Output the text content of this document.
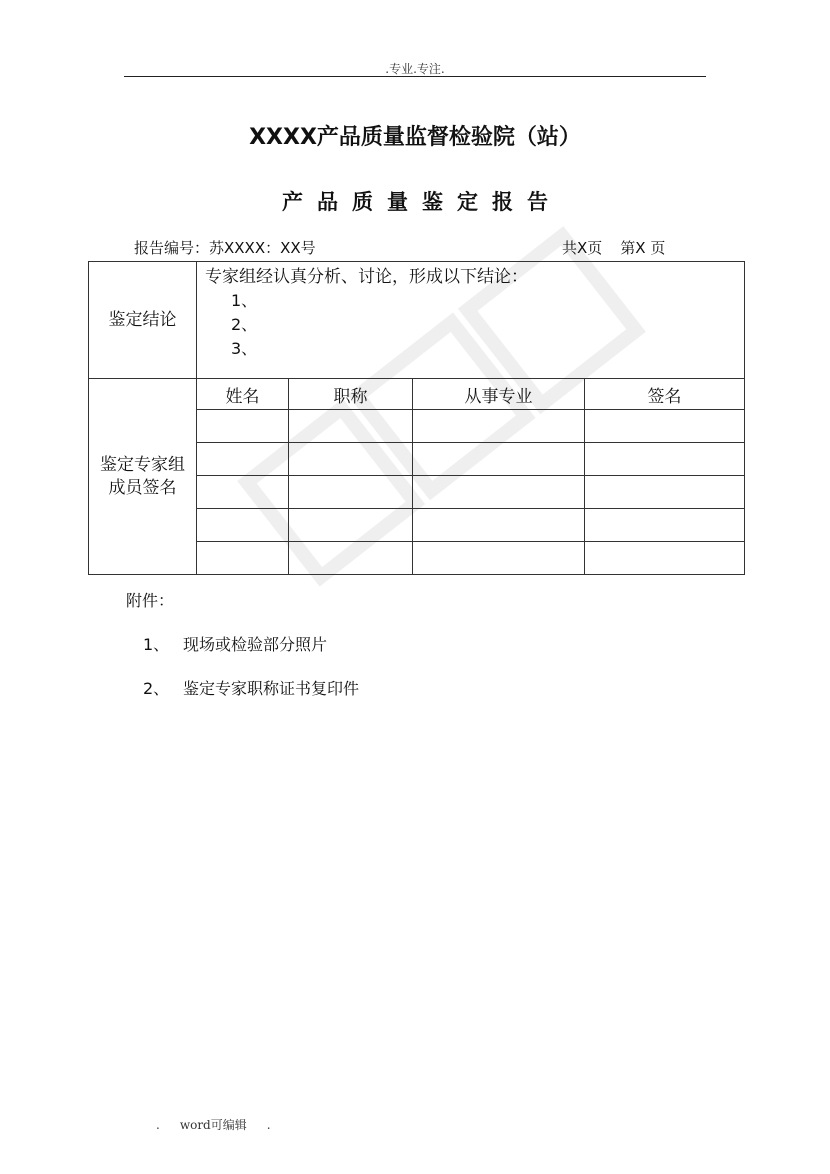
.专业.专注.
XXXX产品质量监督检验院（站）
产品质量鉴定报告
报告编号：苏XXXX：XX号	共X页 第X 页
鉴定结论	专家组经认真分析、讨论，形成以下结论：
1、
2、
3、			

鉴定专家组成员签名	姓名	职称	从事专业	签名

附件：
1、 现场或检验部分照片
2、 鉴定专家职称证书复印件
. word可编辑 .
